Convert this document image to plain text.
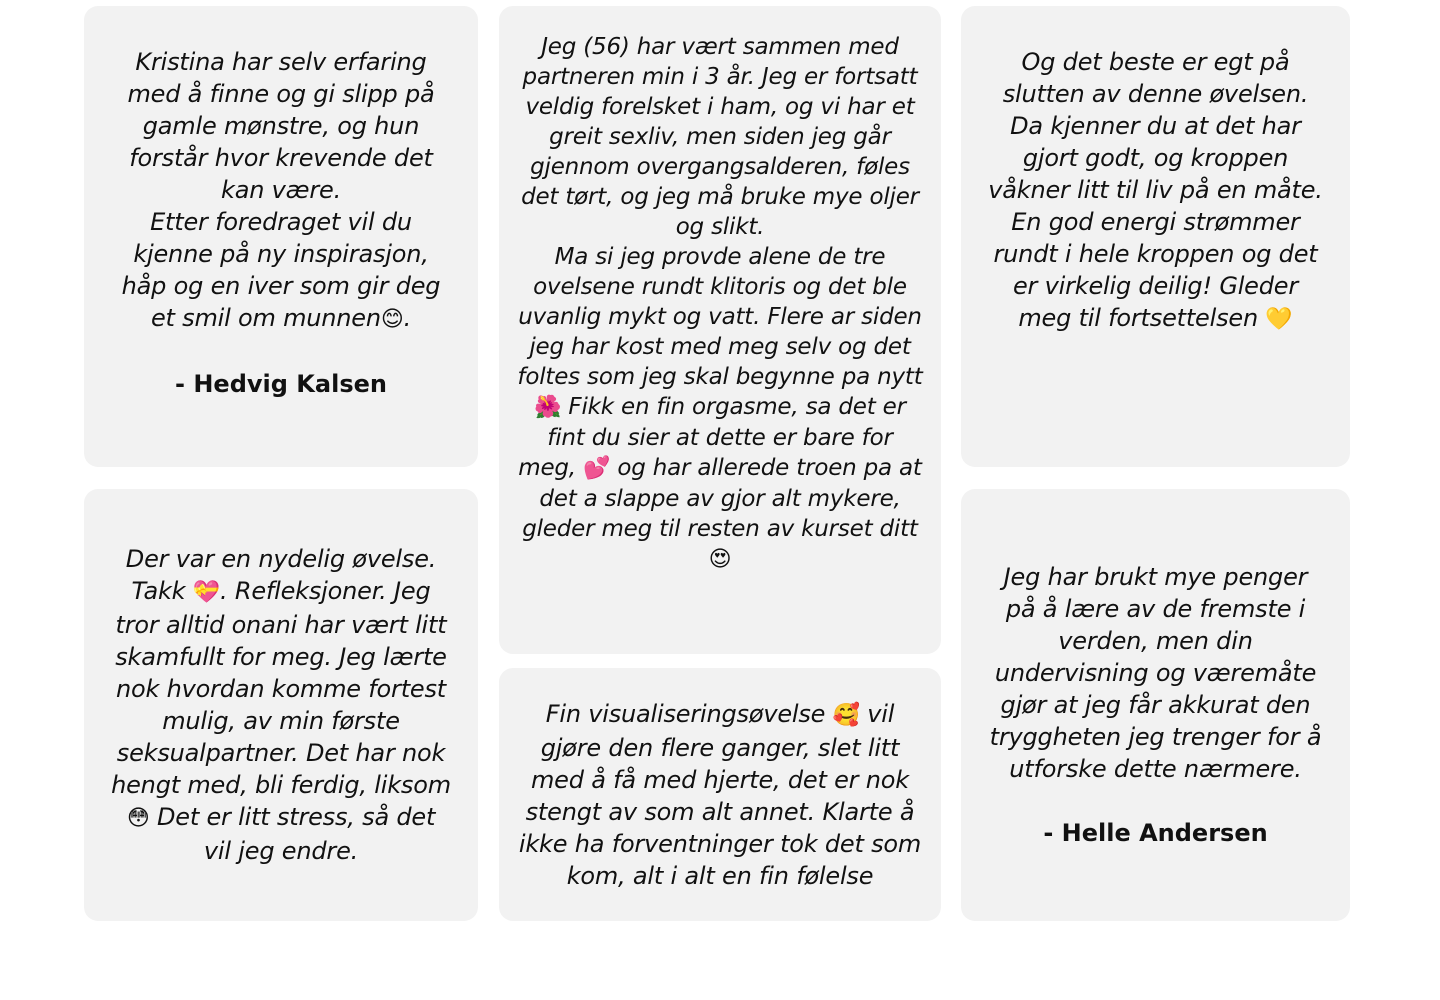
Kristina har selv erfaring med å finne og gi slipp på gamle mønstre, og hun forstår hvor krevende det kan være.

Etter foredraget vil du kjenne på ny inspirasjon, håp og en iver som gir deg et smil om munnen😊.

- Hedvig Kalsen

Jeg (56) har vært sammen med partneren min i 3 år. Jeg er fortsatt veldig forelsket i ham, og vi har et greit sexliv, men siden jeg går gjennom overgangsalderen, føles det tørt, og jeg må bruke mye oljer og slikt.

Ma si jeg provde alene de tre ovelsene rundt klitoris og det ble uvanlig mykt og vatt. Flere ar siden jeg har kost med meg selv og det foltes som jeg skal begynne pa nytt 🌺 Fikk en fin orgasme, sa det er fint du sier at dette er bare for meg, 💕 og har allerede troen pa at det a slappe av gjor alt mykere, gleder meg til resten av kurset ditt 😍

Og det beste er egt på slutten av denne øvelsen. Da kjenner du at det har gjort godt, og kroppen våkner litt til liv på en måte.

En god energi strømmer rundt i hele kroppen og det er virkelig deilig! Gleder meg til fortsettelsen 💛

Der var en nydelig øvelse. Takk 💝. Refleksjoner. Jeg tror alltid onani har vært litt skamfullt for meg. Jeg lærte nok hvordan komme fortest mulig, av min første seksualpartner. Det har nok hengt med, bli ferdig, liksom 😳 Det er litt stress, så det vil jeg endre.

Fin visualiseringsøvelse 🥰 vil gjøre den flere ganger, slet litt med å få med hjerte, det er nok stengt av som alt annet. Klarte å ikke ha forventninger tok det som kom, alt i alt en fin følelse

Jeg har brukt mye penger på å lære av de fremste i verden, men din undervisning og væremåte gjør at jeg får akkurat den tryggheten jeg trenger for å utforske dette nærmere.

- Helle Andersen
